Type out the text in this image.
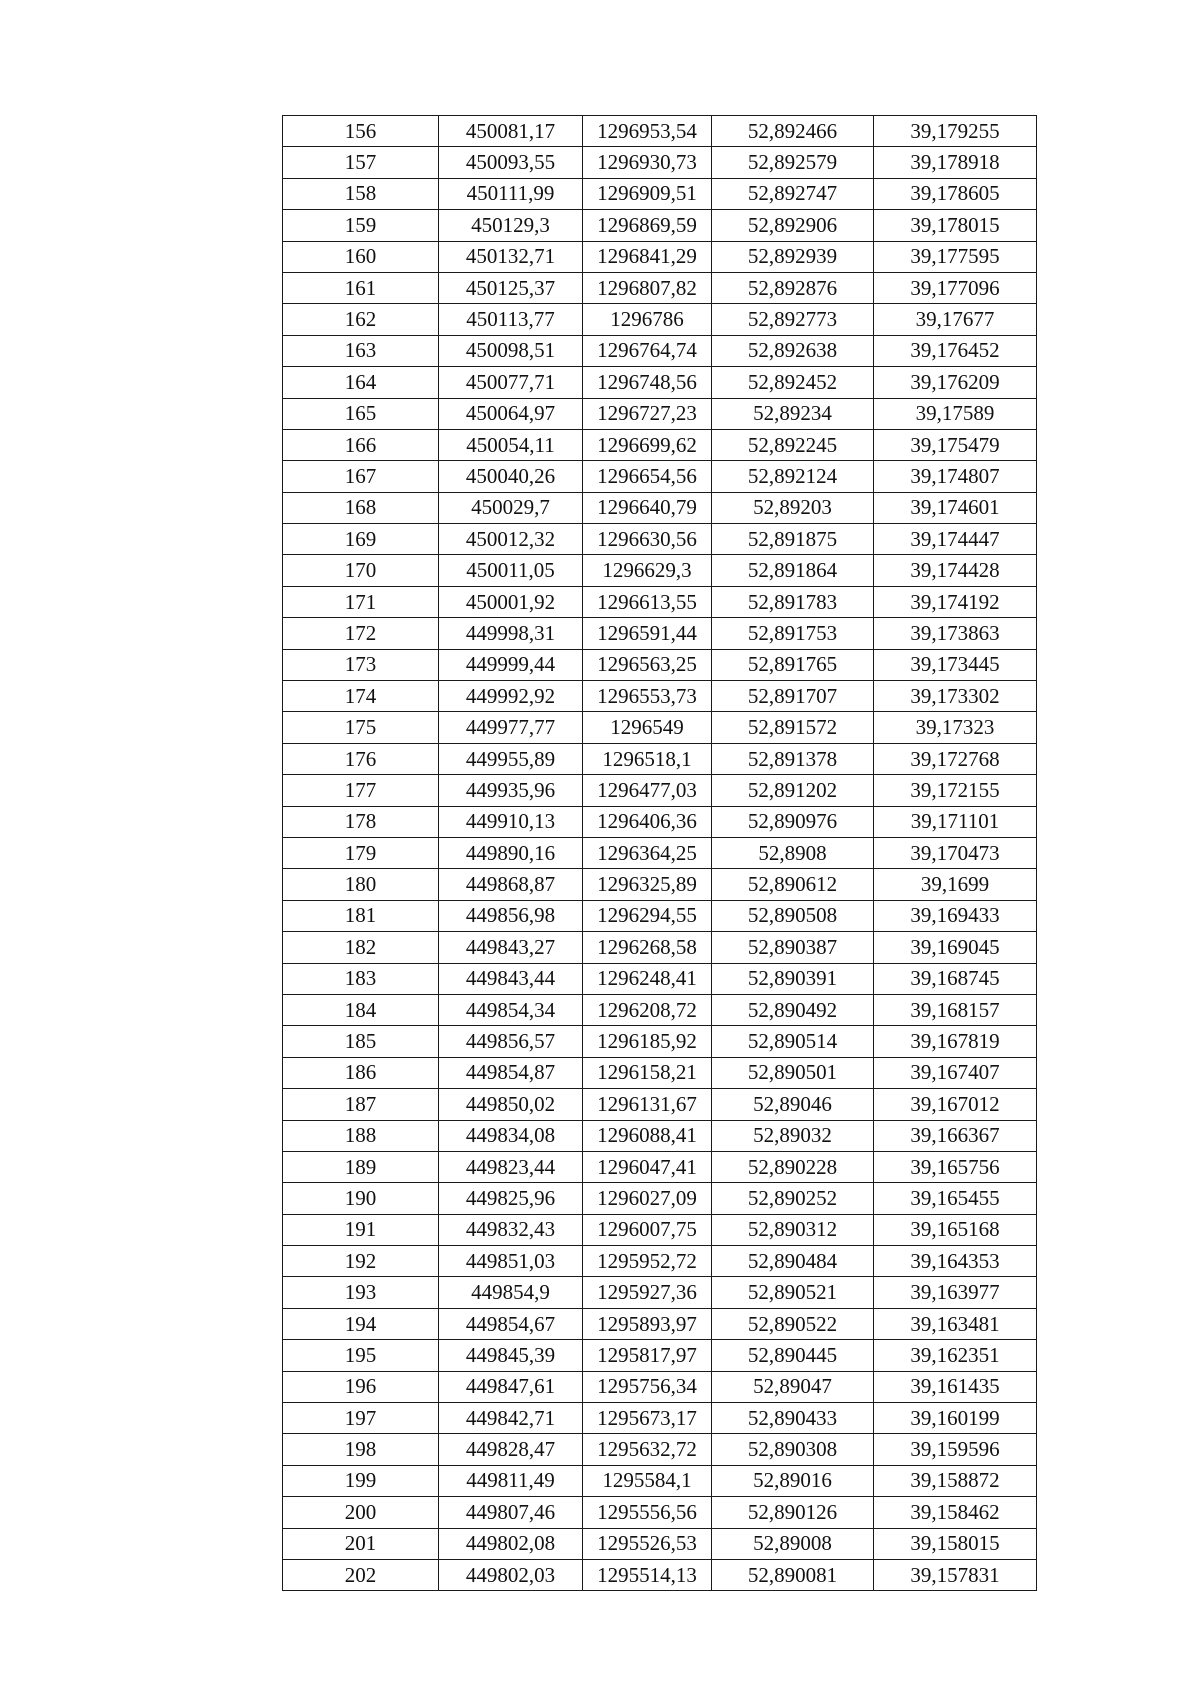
156	450081,17	1296953,54	52,892466	39,179255
157	450093,55	1296930,73	52,892579	39,178918
158	450111,99	1296909,51	52,892747	39,178605
159	450129,3	1296869,59	52,892906	39,178015
160	450132,71	1296841,29	52,892939	39,177595
161	450125,37	1296807,82	52,892876	39,177096
162	450113,77	1296786	52,892773	39,17677
163	450098,51	1296764,74	52,892638	39,176452
164	450077,71	1296748,56	52,892452	39,176209
165	450064,97	1296727,23	52,89234	39,17589
166	450054,11	1296699,62	52,892245	39,175479
167	450040,26	1296654,56	52,892124	39,174807
168	450029,7	1296640,79	52,89203	39,174601
169	450012,32	1296630,56	52,891875	39,174447
170	450011,05	1296629,3	52,891864	39,174428
171	450001,92	1296613,55	52,891783	39,174192
172	449998,31	1296591,44	52,891753	39,173863
173	449999,44	1296563,25	52,891765	39,173445
174	449992,92	1296553,73	52,891707	39,173302
175	449977,77	1296549	52,891572	39,17323
176	449955,89	1296518,1	52,891378	39,172768
177	449935,96	1296477,03	52,891202	39,172155
178	449910,13	1296406,36	52,890976	39,171101
179	449890,16	1296364,25	52,8908	39,170473
180	449868,87	1296325,89	52,890612	39,1699
181	449856,98	1296294,55	52,890508	39,169433
182	449843,27	1296268,58	52,890387	39,169045
183	449843,44	1296248,41	52,890391	39,168745
184	449854,34	1296208,72	52,890492	39,168157
185	449856,57	1296185,92	52,890514	39,167819
186	449854,87	1296158,21	52,890501	39,167407
187	449850,02	1296131,67	52,89046	39,167012
188	449834,08	1296088,41	52,89032	39,166367
189	449823,44	1296047,41	52,890228	39,165756
190	449825,96	1296027,09	52,890252	39,165455
191	449832,43	1296007,75	52,890312	39,165168
192	449851,03	1295952,72	52,890484	39,164353
193	449854,9	1295927,36	52,890521	39,163977
194	449854,67	1295893,97	52,890522	39,163481
195	449845,39	1295817,97	52,890445	39,162351
196	449847,61	1295756,34	52,89047	39,161435
197	449842,71	1295673,17	52,890433	39,160199
198	449828,47	1295632,72	52,890308	39,159596
199	449811,49	1295584,1	52,89016	39,158872
200	449807,46	1295556,56	52,890126	39,158462
201	449802,08	1295526,53	52,89008	39,158015
202	449802,03	1295514,13	52,890081	39,157831
